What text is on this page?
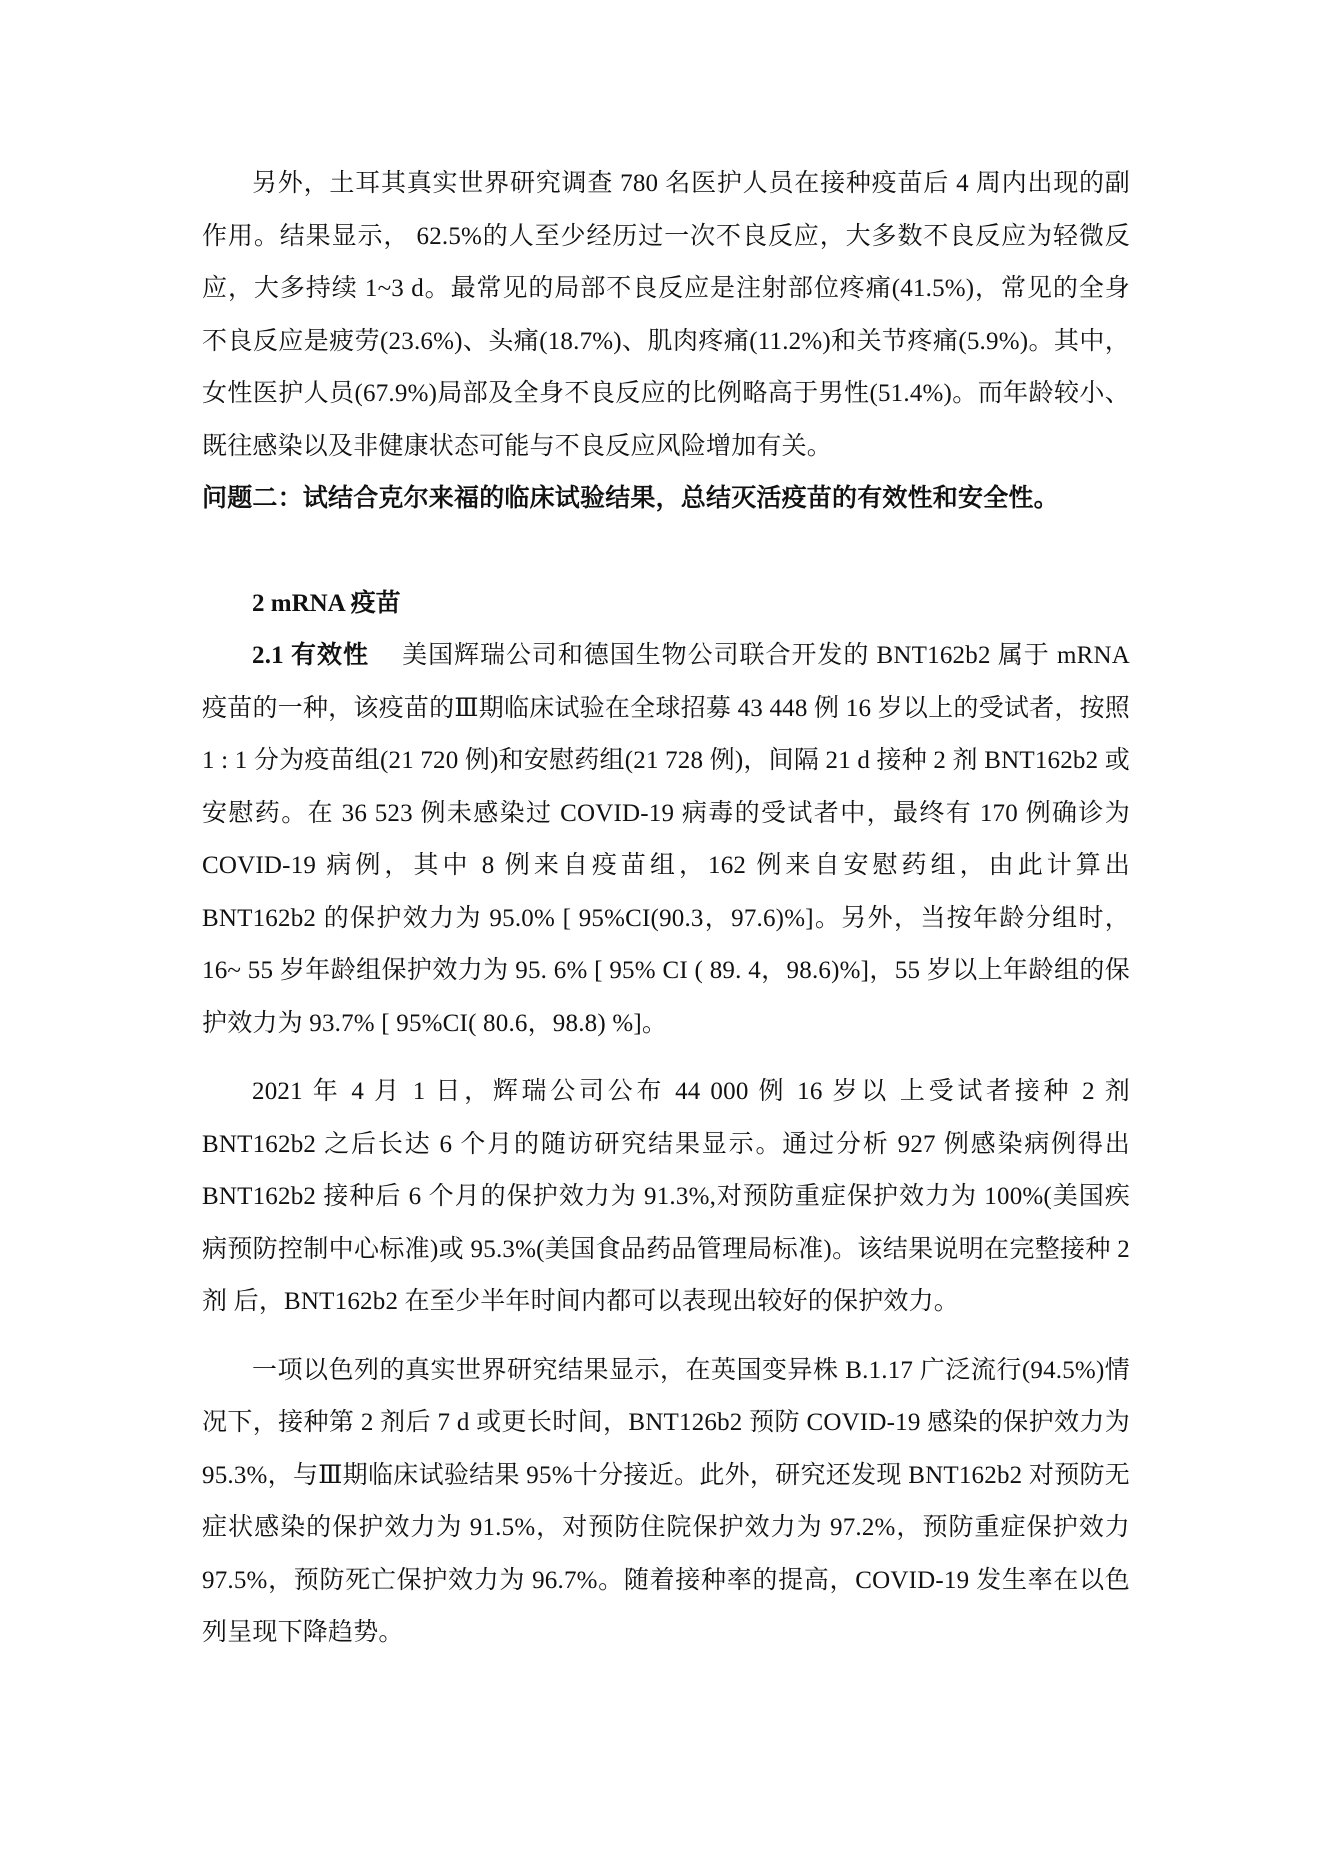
另外，土耳其真实世界研究调查 780 名医护人员在接种疫苗后 4 周内出现的副作用。结果显示， 62.5%的人至少经历过一次不良反应，大多数不良反应为轻微反应，大多持续 1~3 d。最常见的局部不良反应是注射部位疼痛(41.5%)，常见的全身不良反应是疲劳(23.6%)、头痛(18.7%)、肌肉疼痛(11.2%)和关节疼痛(5.9%)。其中，女性医护人员(67.9%)局部及全身不良反应的比例略高于男性(51.4%)。而年龄较小、既往感染以及非健康状态可能与不良反应风险增加有关。

问题二：试结合克尔来福的临床试验结果，总结灭活疫苗的有效性和安全性。

2 mRNA 疫苗

2.1 有效性　 美国辉瑞公司和德国生物公司联合开发的 BNT162b2 属于 mRNA 疫苗的一种，该疫苗的Ⅲ期临床试验在全球招募 43 448 例 16 岁以上的受试者，按照 1 : 1 分为疫苗组(21 720 例)和安慰药组(21 728 例)，间隔 21 d 接种 2 剂 BNT162b2 或安慰药。在 36 523 例未感染过 COVID-19 病毒的受试者中，最终有 170 例确诊为 COVID-19 病例，其中 8 例来自疫苗组，162 例来自安慰药组，由此计算出 BNT162b2 的保护效力为 95.0% [ 95%CI(90.3，97.6)%]。另外，当按年龄分组时，16~ 55 岁年龄组保护效力为 95. 6% [ 95% CI ( 89. 4，98.6)%]，55 岁以上年龄组的保护效力为 93.7% [ 95%CI( 80.6，98.8) %]。

2021 年 4 月 1 日，辉瑞公司公布 44 000 例 16 岁以 上受试者接种 2 剂 BNT162b2 之后长达 6 个月的随访研究结果显示。通过分析 927 例感染病例得出 BNT162b2 接种后 6 个月的保护效力为 91.3%,对预防重症保护效力为 100%(美国疾病预防控制中心标准)或 95.3%(美国食品药品管理局标准)。该结果说明在完整接种 2 剂 后，BNT162b2 在至少半年时间内都可以表现出较好的保护效力。

一项以色列的真实世界研究结果显示，在英国变异株 B.1.17 广泛流行(94.5%)情况下，接种第 2 剂后 7 d 或更长时间，BNT126b2 预防 COVID-19 感染的保护效力为 95.3%，与Ⅲ期临床试验结果 95%十分接近。此外，研究还发现 BNT162b2 对预防无症状感染的保护效力为 91.5%，对预防住院保护效力为 97.2%，预防重症保护效力 97.5%，预防死亡保护效力为 96.7%。随着接种率的提高，COVID-19 发生率在以色列呈现下降趋势。
